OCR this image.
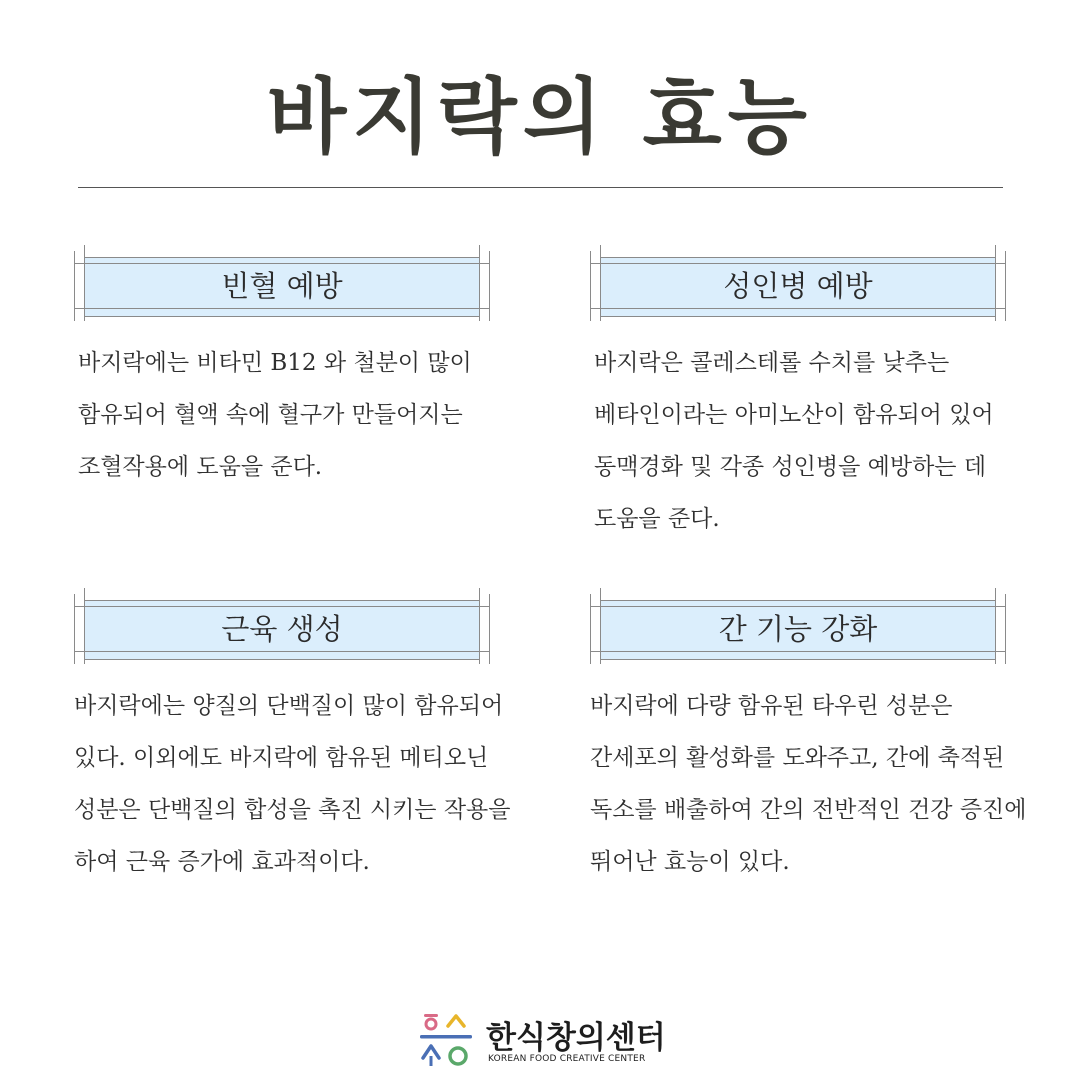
바지락의 효능
빈혈 예방
바지락에는 비타민 B12 와 철분이 많이 함유되어 혈액 속에 혈구가 만들어지는 조혈작용에 도움을 준다.
성인병 예방
바지락은 콜레스테롤 수치를 낮추는 베타인이라는 아미노산이 함유되어 있어 동맥경화 및 각종 성인병을 예방하는 데 도움을 준다.
근육 생성
바지락에는 양질의 단백질이 많이 함유되어 있다. 이외에도 바지락에 함유된 메티오닌 성분은 단백질의 합성을 촉진 시키는 작용을 하여 근육 증가에 효과적이다.
간 기능 강화
바지락에 다량 함유된 타우린 성분은 간세포의 활성화를 도와주고, 간에 축적된 독소를 배출하여 간의 전반적인 건강 증진에 뛰어난 효능이 있다.
한식창의센터
KOREAN FOOD CREATIVE CENTER
